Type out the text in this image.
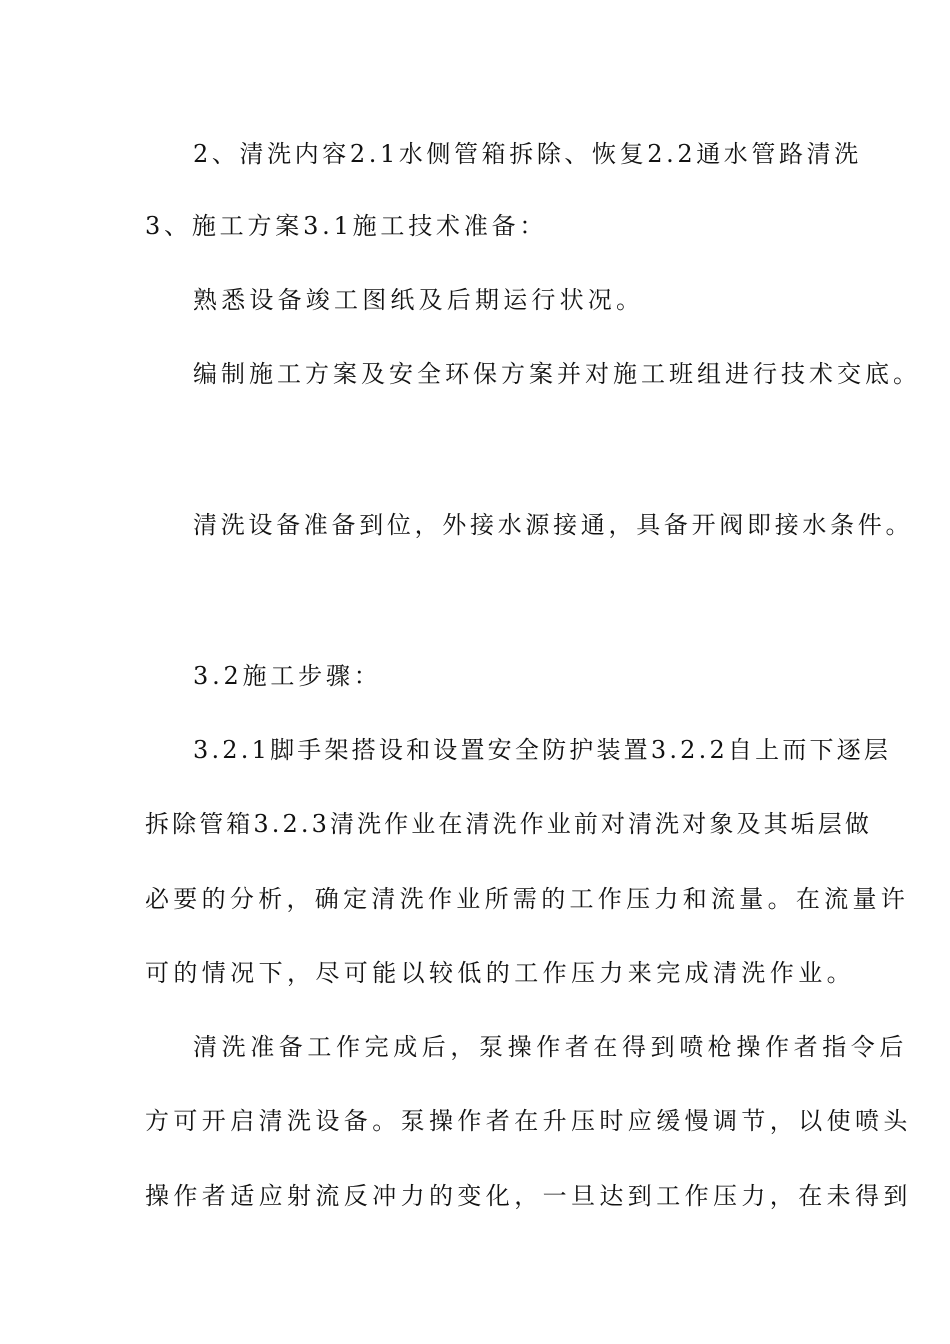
2、清洗内容2.1水侧管箱拆除、恢复2.2通水管路清洗
3、施工方案3.1施工技术准备：
熟悉设备竣工图纸及后期运行状况。
编制施工方案及安全环保方案并对施工班组进行技术交底。
清洗设备准备到位，外接水源接通，具备开阀即接水条件。
3.2施工步骤：
3.2.1脚手架搭设和设置安全防护装置3.2.2自上而下逐层
拆除管箱3.2.3清洗作业在清洗作业前对清洗对象及其垢层做
必要的分析，确定清洗作业所需的工作压力和流量。在流量许
可的情况下，尽可能以较低的工作压力来完成清洗作业。
清洗准备工作完成后，泵操作者在得到喷枪操作者指令后
方可开启清洗设备。泵操作者在升压时应缓慢调节，以使喷头
操作者适应射流反冲力的变化，一旦达到工作压力，在未得到
